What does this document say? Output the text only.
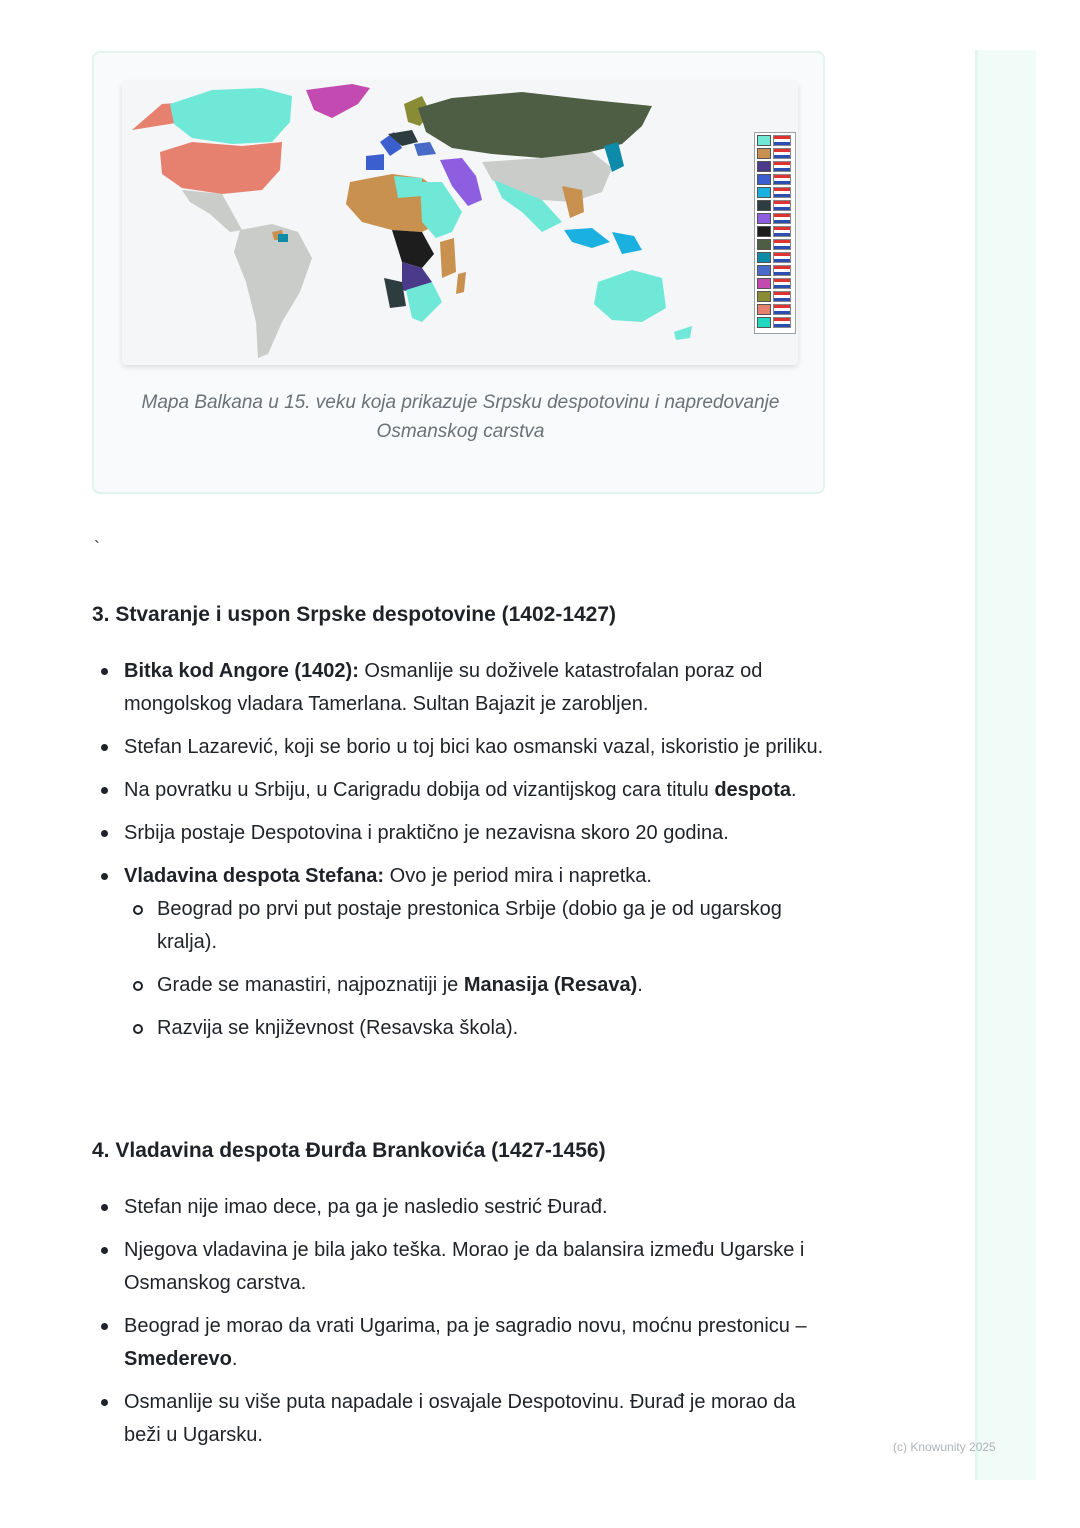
Mapa Balkana u 15. veku koja prikazuje Srpsku despotovinu i napredovanje Osmanskog carstva
`
3. Stvaranje i uspon Srpske despotovine (1402-1427)
Bitka kod Angore (1402): Osmanlije su doživele katastrofalan poraz od mongolskog vladara Tamerlana. Sultan Bajazit je zarobljen.
Stefan Lazarević, koji se borio u toj bici kao osmanski vazal, iskoristio je priliku.
Na povratku u Srbiju, u Carigradu dobija od vizantijskog cara titulu despota.
Srbija postaje Despotovina i praktično je nezavisna skoro 20 godina.
Vladavina despota Stefana: Ovo je period mira i napretka.
Beograd po prvi put postaje prestonica Srbije (dobio ga je od ugarskog kralja).
Grade se manastiri, najpoznatiji je Manasija (Resava).
Razvija se književnost (Resavska škola).
4. Vladavina despota Đurđa Brankovića (1427-1456)
Stefan nije imao dece, pa ga je nasledio sestrić Đurađ.
Njegova vladavina je bila jako teška. Morao je da balansira između Ugarske i Osmanskog carstva.
Beograd je morao da vrati Ugarima, pa je sagradio novu, moćnu prestonicu – Smederevo.
Osmanlije su više puta napadale i osvajale Despotovinu. Đurađ je morao da beži u Ugarsku.
(c) Knowunity 2025
